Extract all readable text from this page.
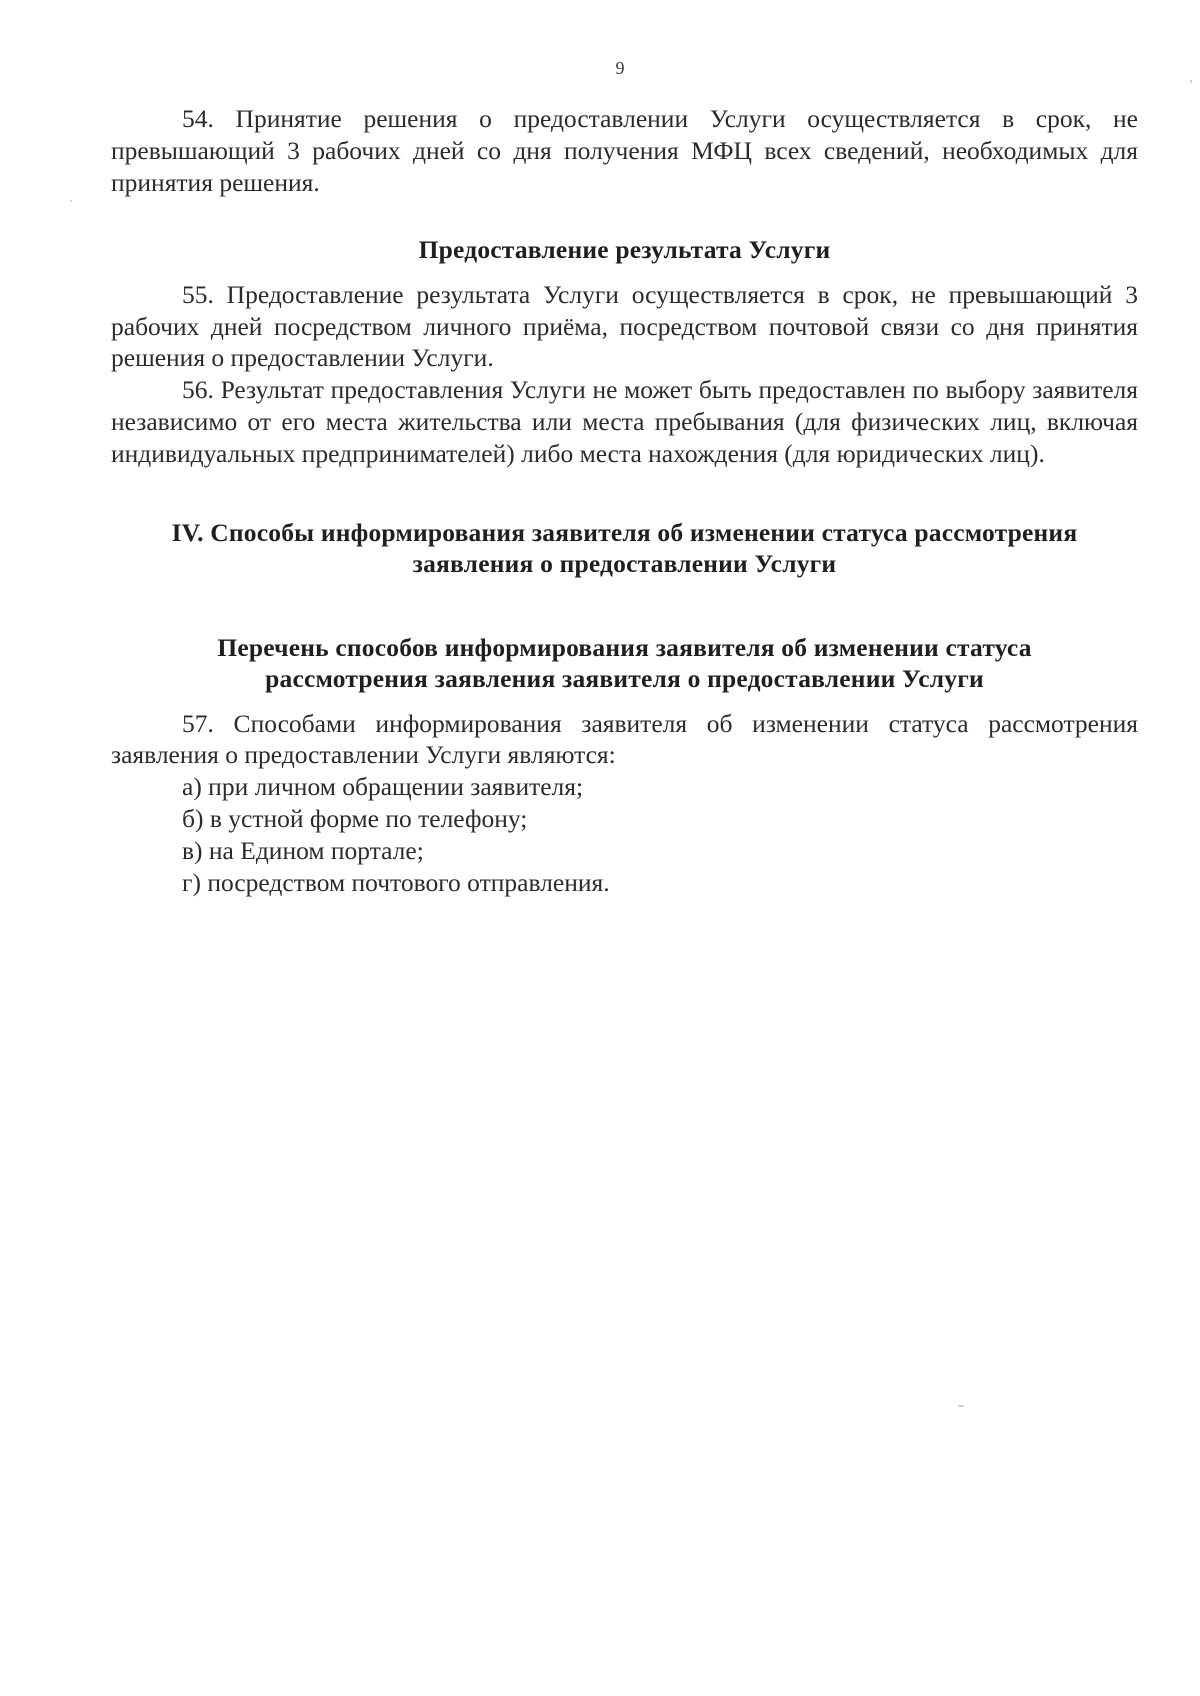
9

54. Принятие решения о предоставлении Услуги осуществляется в срок, не превышающий 3 рабочих дней со дня получения МФЦ всех сведений, необходимых для принятия решения.

Предоставление результата Услуги

55. Предоставление результата Услуги осуществляется в срок, не превышающий 3 рабочих дней посредством личного приёма, посредством почтовой связи со дня принятия решения о предоставлении Услуги.

56. Результат предоставления Услуги не может быть предоставлен по выбору заявителя независимо от его места жительства или места пребывания (для физических лиц, включая индивидуальных предпринимателей) либо места нахождения (для юридических лиц).

IV. Способы информирования заявителя об изменении статуса рассмотрения
заявления о предоставлении Услуги
Перечень способов информирования заявителя об изменении статуса
рассмотрения заявления заявителя о предоставлении Услуги

57. Способами информирования заявителя об изменении статуса рассмотрения заявления о предоставлении Услуги являются:

а) при личном обращении заявителя;

б) в устной форме по телефону;

в) на Едином портале;

г) посредством почтового отправления.
